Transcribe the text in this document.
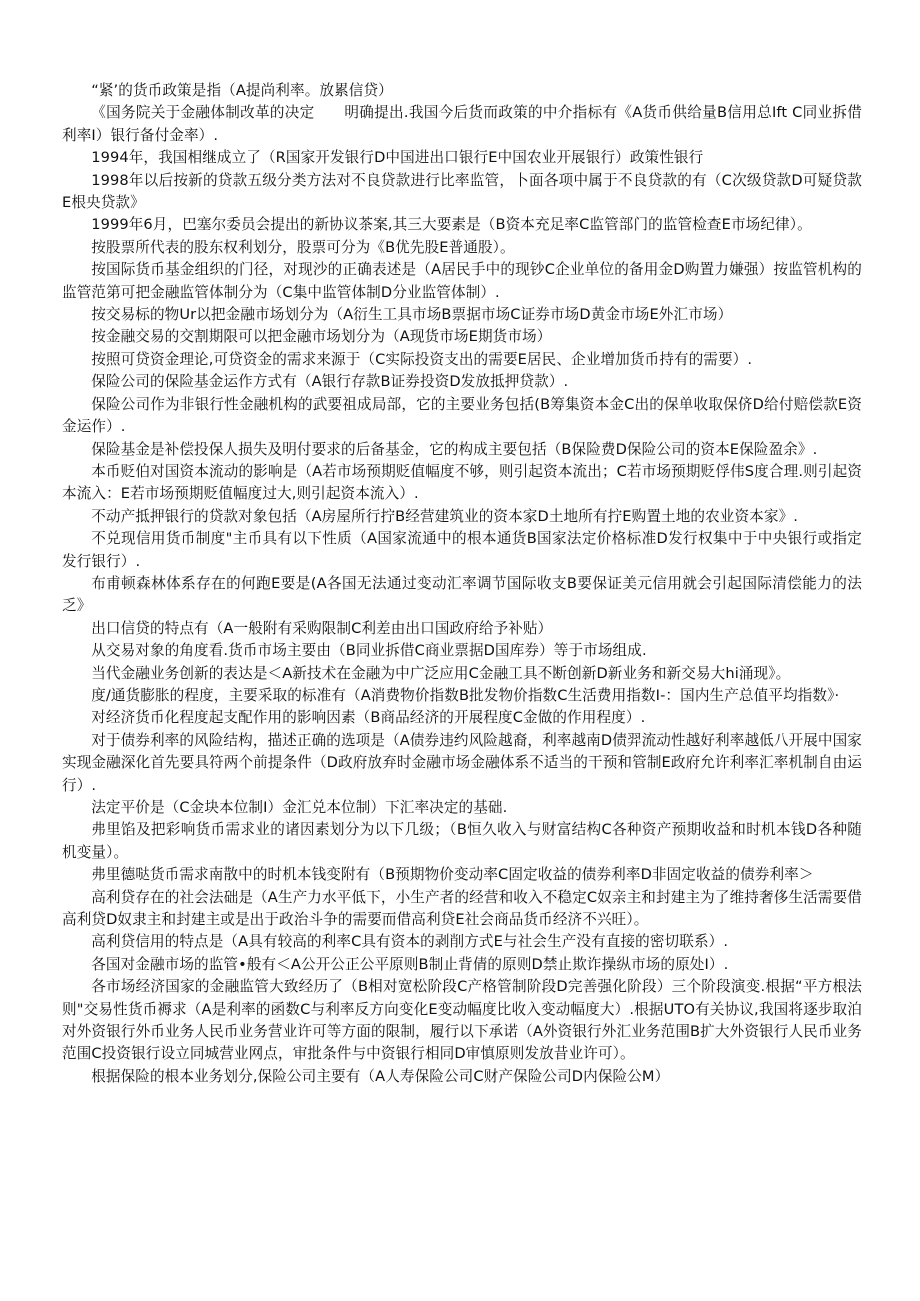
“紧’的货币政策是指（A提尚利率。放累信贷）

《国务院关于金融体制改革的决定　　明确提出.我国今后货而政策的中介指标有《A货币供给量B信用总Ift C同业拆借利率I）银行备付金率）.

1994年，我国相继成立了（R国家开发银行D中国进出口银行E中国农业开展银行）政策性银行

1998年以后按新的贷款五级分类方法对不良贷款进行比率监管，卜面各项中属于不良贷款的有（C次级贷款D可疑贷款E根央贷款》

1999年6月，巴塞尔委员会提出的新协议茶案,其三大要素是（B资本充足率C监管部门的监管检查E市场纪律）。

按股票所代表的股东权利划分，股票可分为《B优先股E普通股）。

按国际货币基金组织的门径，对现沙的正确表述是（A居民手中的现钞C企业单位的备用金D购置力嫌强）按监管机构的监管范第可把金融监管体制分为（C集中监管体制D分业监管体制）.

按交易标的物Ur以把金融市场划分为（A衍生工具市场B票据市场C证券市场D黄金市场E外汇市场）

按金融交易的交割期限可以把金融市场划分为（A现货市场E期货市场）

按照可贷资金理论,可贷资金的需求来源于（C实际投资支出的需要E居民、企业增加货币持有的需要）.

保险公司的保险基金运作方式有（A银行存款B证券投资D发放抵押贷款）.

保险公司作为非银行性金融机构的武要祖成局部，它的主要业务包括(B筹集资本金C出的保单收取保侪D给付赔偿款E资金运作）.

保险基金是补偿投保人损失及明付要求的后备基金，它的构成主要包括（B保险费D保险公司的资本E保险盈余》.

本币贬伯对国资本流动的影响是（A若市场预期贬值幅度不够，则引起资本流出；C若市场预期贬俘伟S度合理.则引起资本流入：E若市场预期贬值幅度过大,则引起资本流入）.

不动产抵押银行的贷款对象包括（A房屋所行拧B经营建筑业的资本家D土地所有拧E购置土地的农业资本家》.

不兑现信用货币制度"主币具有以下性质（A国家流通中的根本通货B国家法定价格标准D发行权集中于中央银行或指定发行银行）.

布甫顿森林体系存在的何跑E要是(A各国无法通过变动汇率调节国际收支B要保证美元信用就会引起国际清偿能力的法乏》

出口信贷的特点有（A一般附有采购限制C利差由出口国政府给予补贴）

从交易对象的角度看.货币市场主要由（B同业拆借C商业票据D国库券）等于市场组成.

当代金融业务创新的表达是＜A新技术在金融为中广泛应用C金融工具不断创新D新业务和新交易大hi涌现》。

度/通货膨胀的程度，主要采取的标准有（A消费物价指数B批发物价指数C生活费用指数I-：国内生产总值平均指数》·

对经济货币化程度起支配作用的影响因素（B商品经济的开展程度C金做的作用程度）.

对于债券利率的风险结构，描述正确的选项是（A债券违约风险越裔，利率越南D债羿流动性越好利率越低八开展中国家实现金融深化首先要具符两个前提条件（D政府放弃时金融市场金融体系不适当的干预和管制E政府允许利率汇率机制自由运行）.

法定平价是（C金块本位制I）金汇兑本位制）下汇率决定的基础.

弗里馅及把彩响货币需求业的诸因素划分为以下几级；（B恒久收入与财富结构C各种资产预期收益和时机本钱D各种随机变量）。

弗里德哒货币需求南散中的时机本钱变附有（B预期物价变动率C固定收益的债券利率D非固定收益的债券利率＞

高利贷存在的社会法础是（A生产力水平低下，小生产者的经营和收入不稳定C奴亲主和封建主为了维持奢侈生活需要借高利贷D奴隶主和封建主或是出于政治斗争的需要而借高利贷E社会商品货币经济不兴旺）。

高利贷信用的特点是（A具有较高的利率C具有资本的剥削方式E与社会生产没有直接的密切联系）.

各国对金融市场的监管•般有＜A公开公正公平原则B制止背倩的原则D禁止欺诈操纵市场的原处I）.

各市场经济国家的金融监管大致经历了（B相对宽松阶段C产格管制阶段D完善强化阶段）三个阶段演变.根据“平方根法则"交易性货币褥求（A是利率的函数C与利率反方向变化E变动幅度比收入变动幅度大）.根据UTO有关协议,我国将逐步取泊对外资银行外币业务人民币业务营业许可等方面的限制，履行以下承诺（A外资银行外汇业务范围B扩大外资银行人民币业务范围C投资银行设立同城营业网点，审批条件与中资银行相同D审慎原则发放昔业许可）。

根据保险的根本业务划分,保险公司主要有（A人寿保险公司C财产保险公司D内保险公M）
